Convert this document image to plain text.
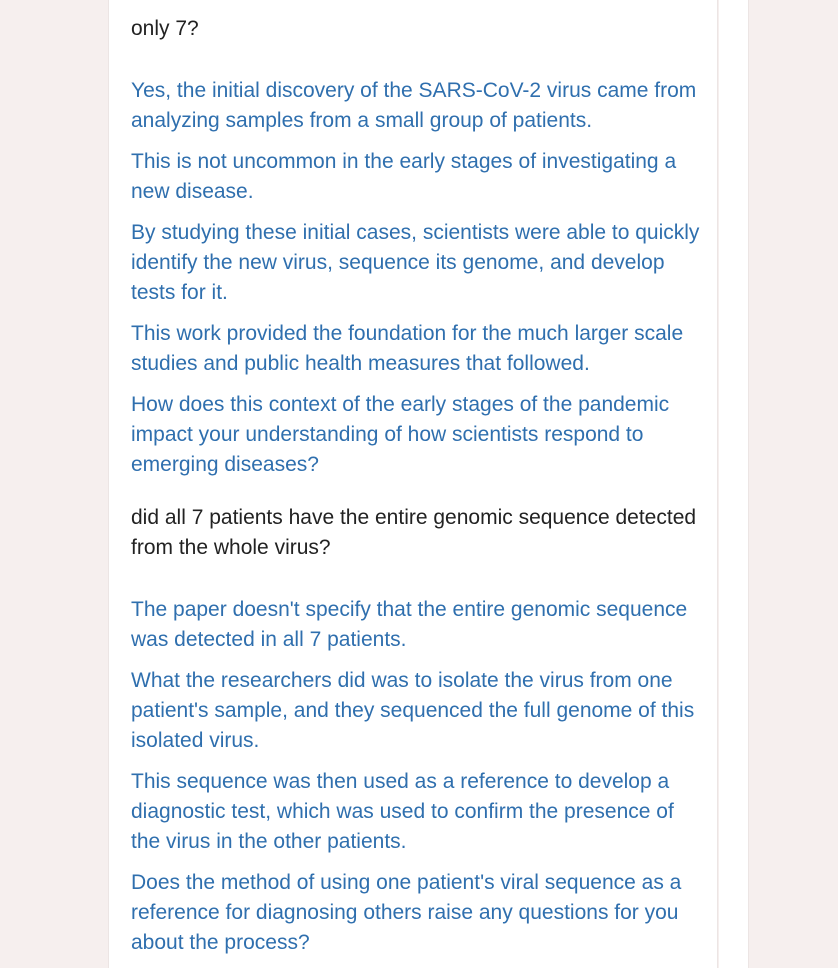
only 7?

Yes, the initial discovery of the SARS-CoV-2 virus came from analyzing samples from a small group of patients.

This is not uncommon in the early stages of investigating a new disease.

By studying these initial cases, scientists were able to quickly identify the new virus, sequence its genome, and develop tests for it.

This work provided the foundation for the much larger scale studies and public health measures that followed.

How does this context of the early stages of the pandemic impact your understanding of how scientists respond to emerging diseases?

did all 7 patients have the entire genomic sequence detected from the whole virus?

The paper doesn't specify that the entire genomic sequence was detected in all 7 patients.

What the researchers did was to isolate the virus from one patient's sample, and they sequenced the full genome of this isolated virus.

This sequence was then used as a reference to develop a diagnostic test, which was used to confirm the presence of the virus in the other patients.

Does the method of using one patient's viral sequence as a reference for diagnosing others raise any questions for you about the process?
